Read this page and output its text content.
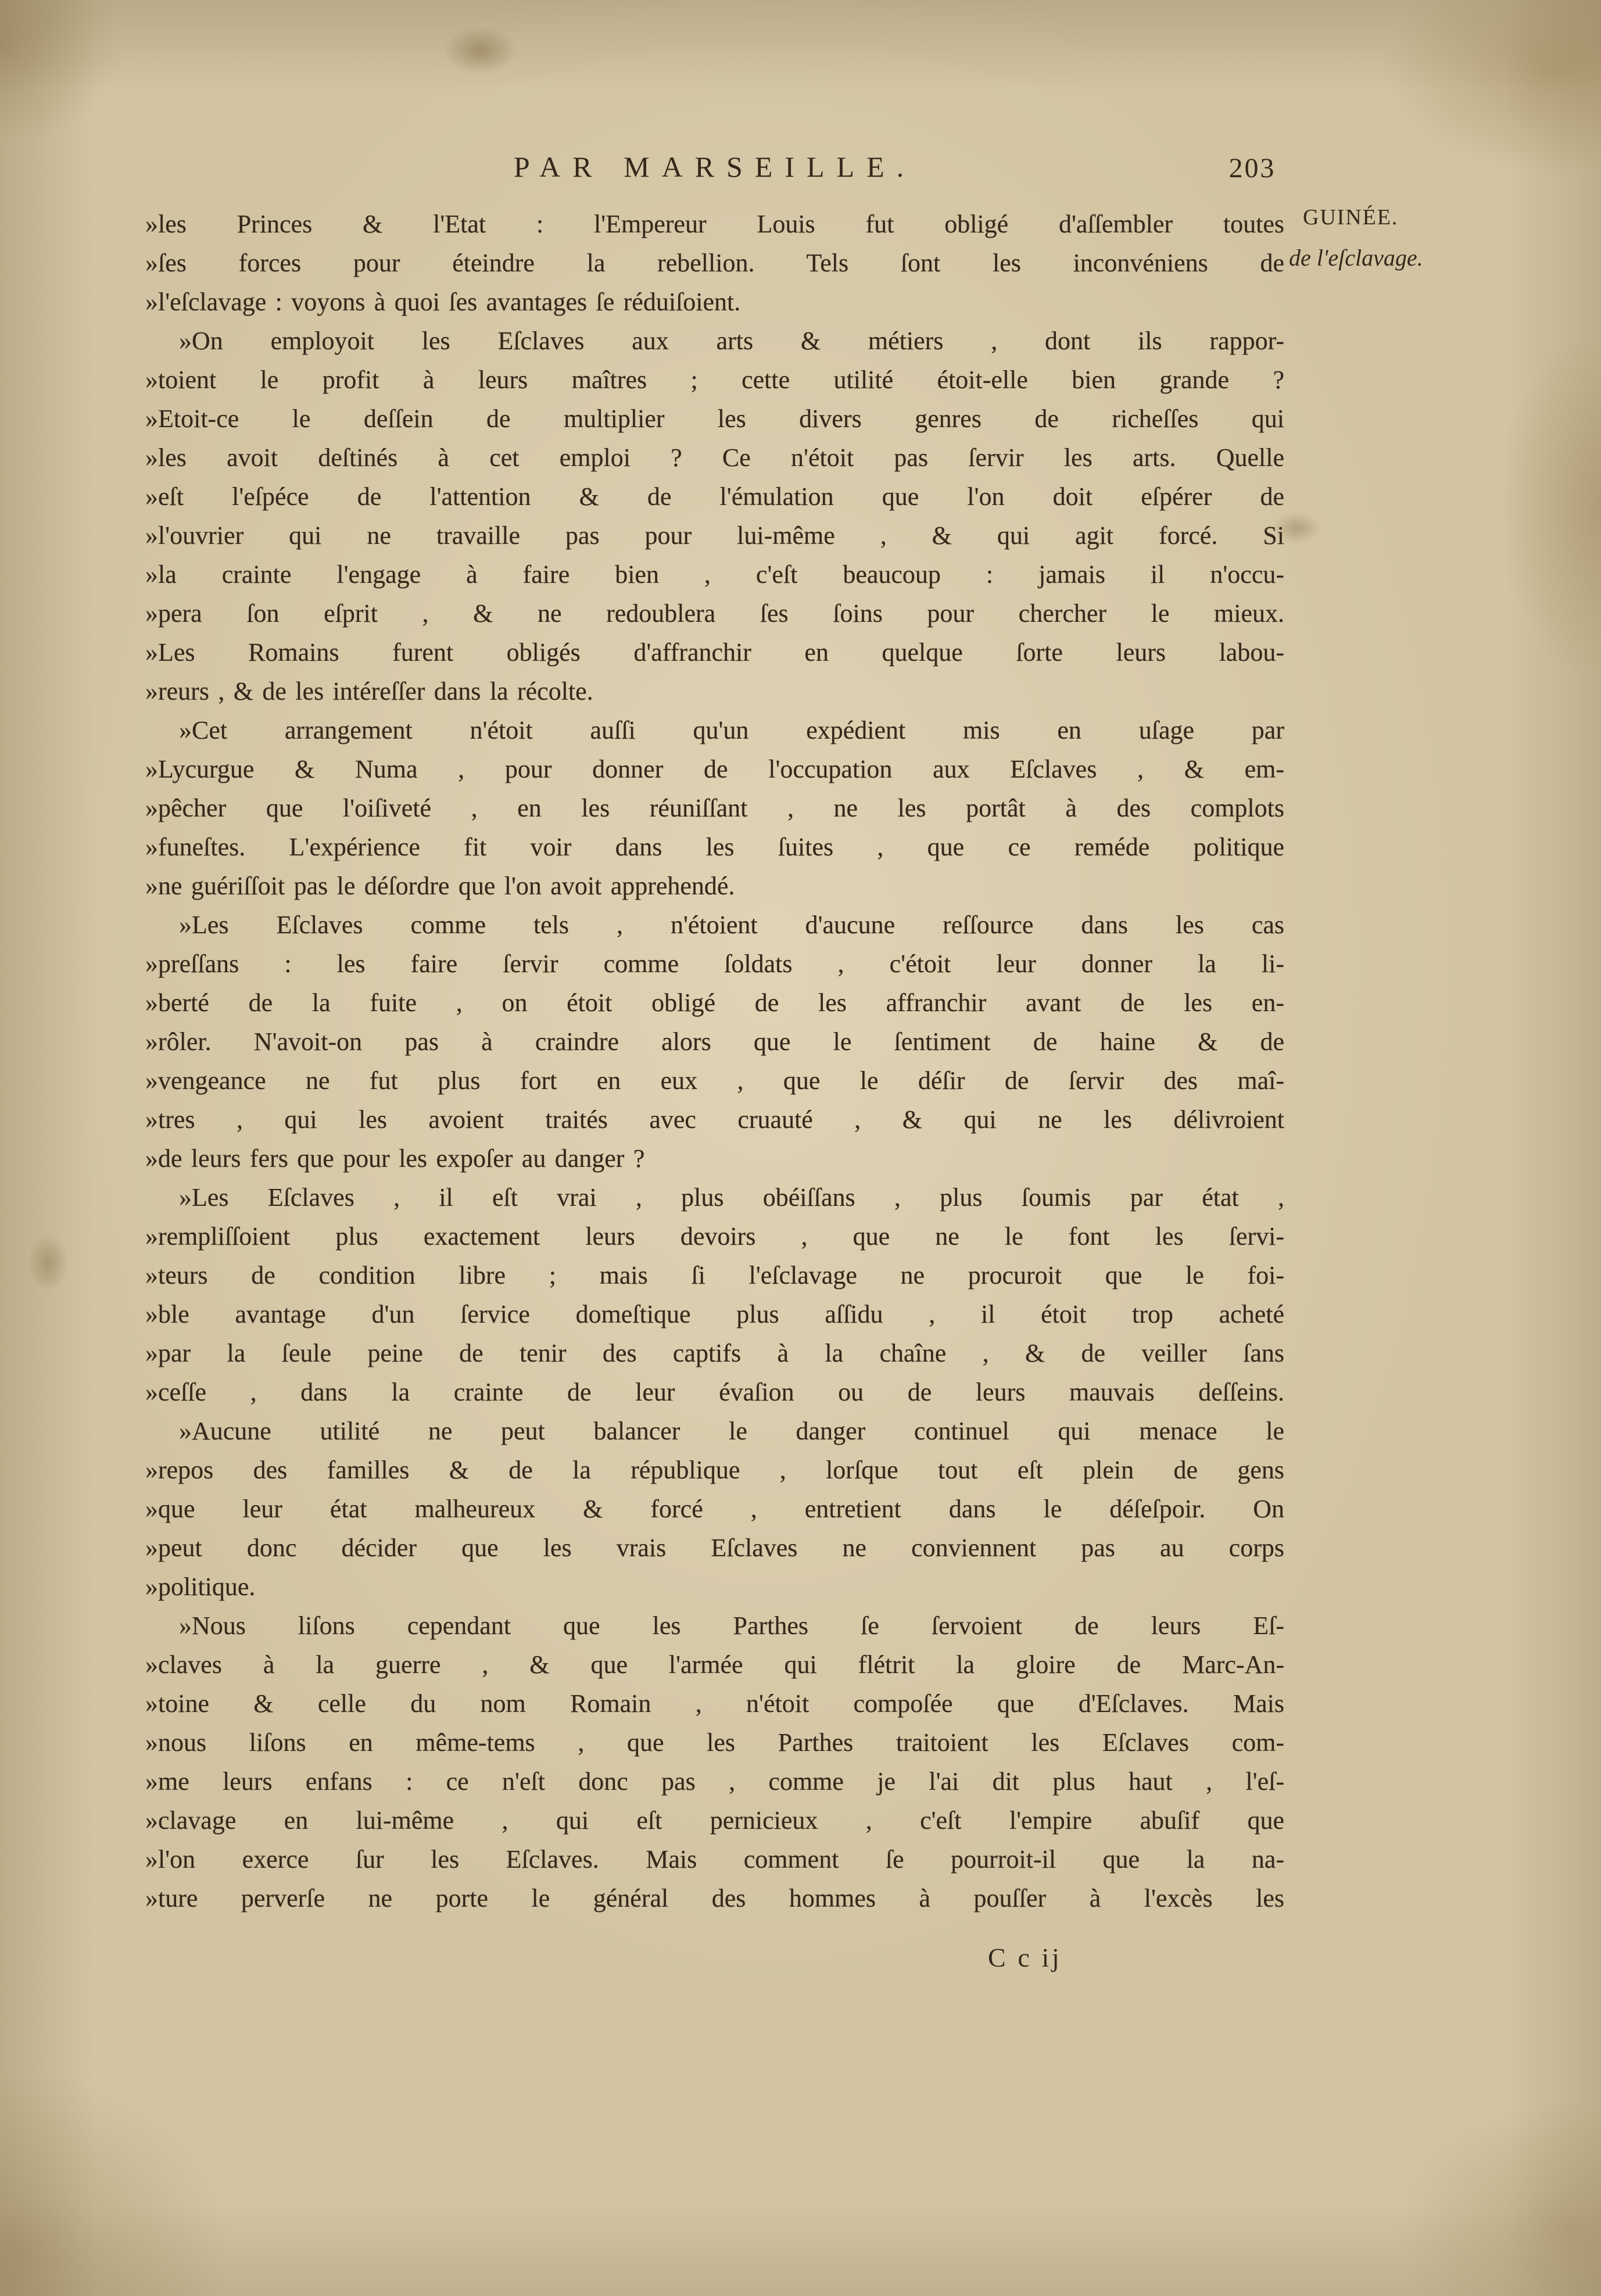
PAR MARSEILLE.	203
GUINÉE.
de l'eſclavage.
»les Princes & l'Etat : l'Empereur Louis fut obligé d'aſſembler toutes
»ſes forces pour éteindre la rebellion. Tels ſont les inconvéniens de
»l'eſclavage : voyons à quoi ſes avantages ſe réduiſoient.
»On employoit les Eſclaves aux arts & métiers , dont ils rappor-
»toient le profit à leurs maîtres ; cette utilité étoit-elle bien grande ?
»Etoit-ce le deſſein de multiplier les divers genres de richeſſes qui
»les avoit deſtinés à cet emploi ? Ce n'étoit pas ſervir les arts. Quelle
»eſt l'eſpéce de l'attention & de l'émulation que l'on doit eſpérer de
»l'ouvrier qui ne travaille pas pour lui-même , & qui agit forcé. Si
»la crainte l'engage à faire bien , c'eſt beaucoup : jamais il n'occu-
»pera ſon eſprit , & ne redoublera ſes ſoins pour chercher le mieux.
»Les Romains furent obligés d'affranchir en quelque ſorte leurs labou-
»reurs , & de les intéreſſer dans la récolte.
»Cet arrangement n'étoit auſſi qu'un expédient mis en uſage par
»Lycurgue & Numa , pour donner de l'occupation aux Eſclaves , & em-
»pêcher que l'oiſiveté , en les réuniſſant , ne les portât à des complots
»funeſtes. L'expérience fit voir dans les ſuites , que ce reméde politique
»ne guériſſoit pas le déſordre que l'on avoit apprehendé.
»Les Eſclaves comme tels , n'étoient d'aucune reſſource dans les cas
»preſſans : les faire ſervir comme ſoldats , c'étoit leur donner la li-
»berté de la fuite , on étoit obligé de les affranchir avant de les en-
»rôler. N'avoit-on pas à craindre alors que le ſentiment de haine & de
»vengeance ne fut plus fort en eux , que le déſir de ſervir des maî-
»tres , qui les avoient traités avec cruauté , & qui ne les délivroient
»de leurs fers que pour les expoſer au danger ?
»Les Eſclaves , il eſt vrai , plus obéiſſans , plus ſoumis par état ,
»rempliſſoient plus exactement leurs devoirs , que ne le font les ſervi-
»teurs de condition libre ; mais ſi l'eſclavage ne procuroit que le foi-
»ble avantage d'un ſervice domeſtique plus aſſidu , il étoit trop acheté
»par la ſeule peine de tenir des captifs à la chaîne , & de veiller ſans
»ceſſe , dans la crainte de leur évaſion ou de leurs mauvais deſſeins.
»Aucune utilité ne peut balancer le danger continuel qui menace le
»repos des familles & de la république , lorſque tout eſt plein de gens
»que leur état malheureux & forcé , entretient dans le déſeſpoir. On
»peut donc décider que les vrais Eſclaves ne conviennent pas au corps
»politique.
»Nous liſons cependant que les Parthes ſe ſervoient de leurs Eſ-
»claves à la guerre , & que l'armée qui flétrit la gloire de Marc-An-
»toine & celle du nom Romain , n'étoit compoſée que d'Eſclaves. Mais
»nous liſons en même-tems , que les Parthes traitoient les Eſclaves com-
»me leurs enfans : ce n'eſt donc pas , comme je l'ai dit plus haut , l'eſ-
»clavage en lui-même , qui eſt pernicieux , c'eſt l'empire abuſif que
»l'on exerce ſur les Eſclaves. Mais comment ſe pourroit-il que la na-
»ture perverſe ne porte le général des hommes à pouſſer à l'excès les
C c ij
